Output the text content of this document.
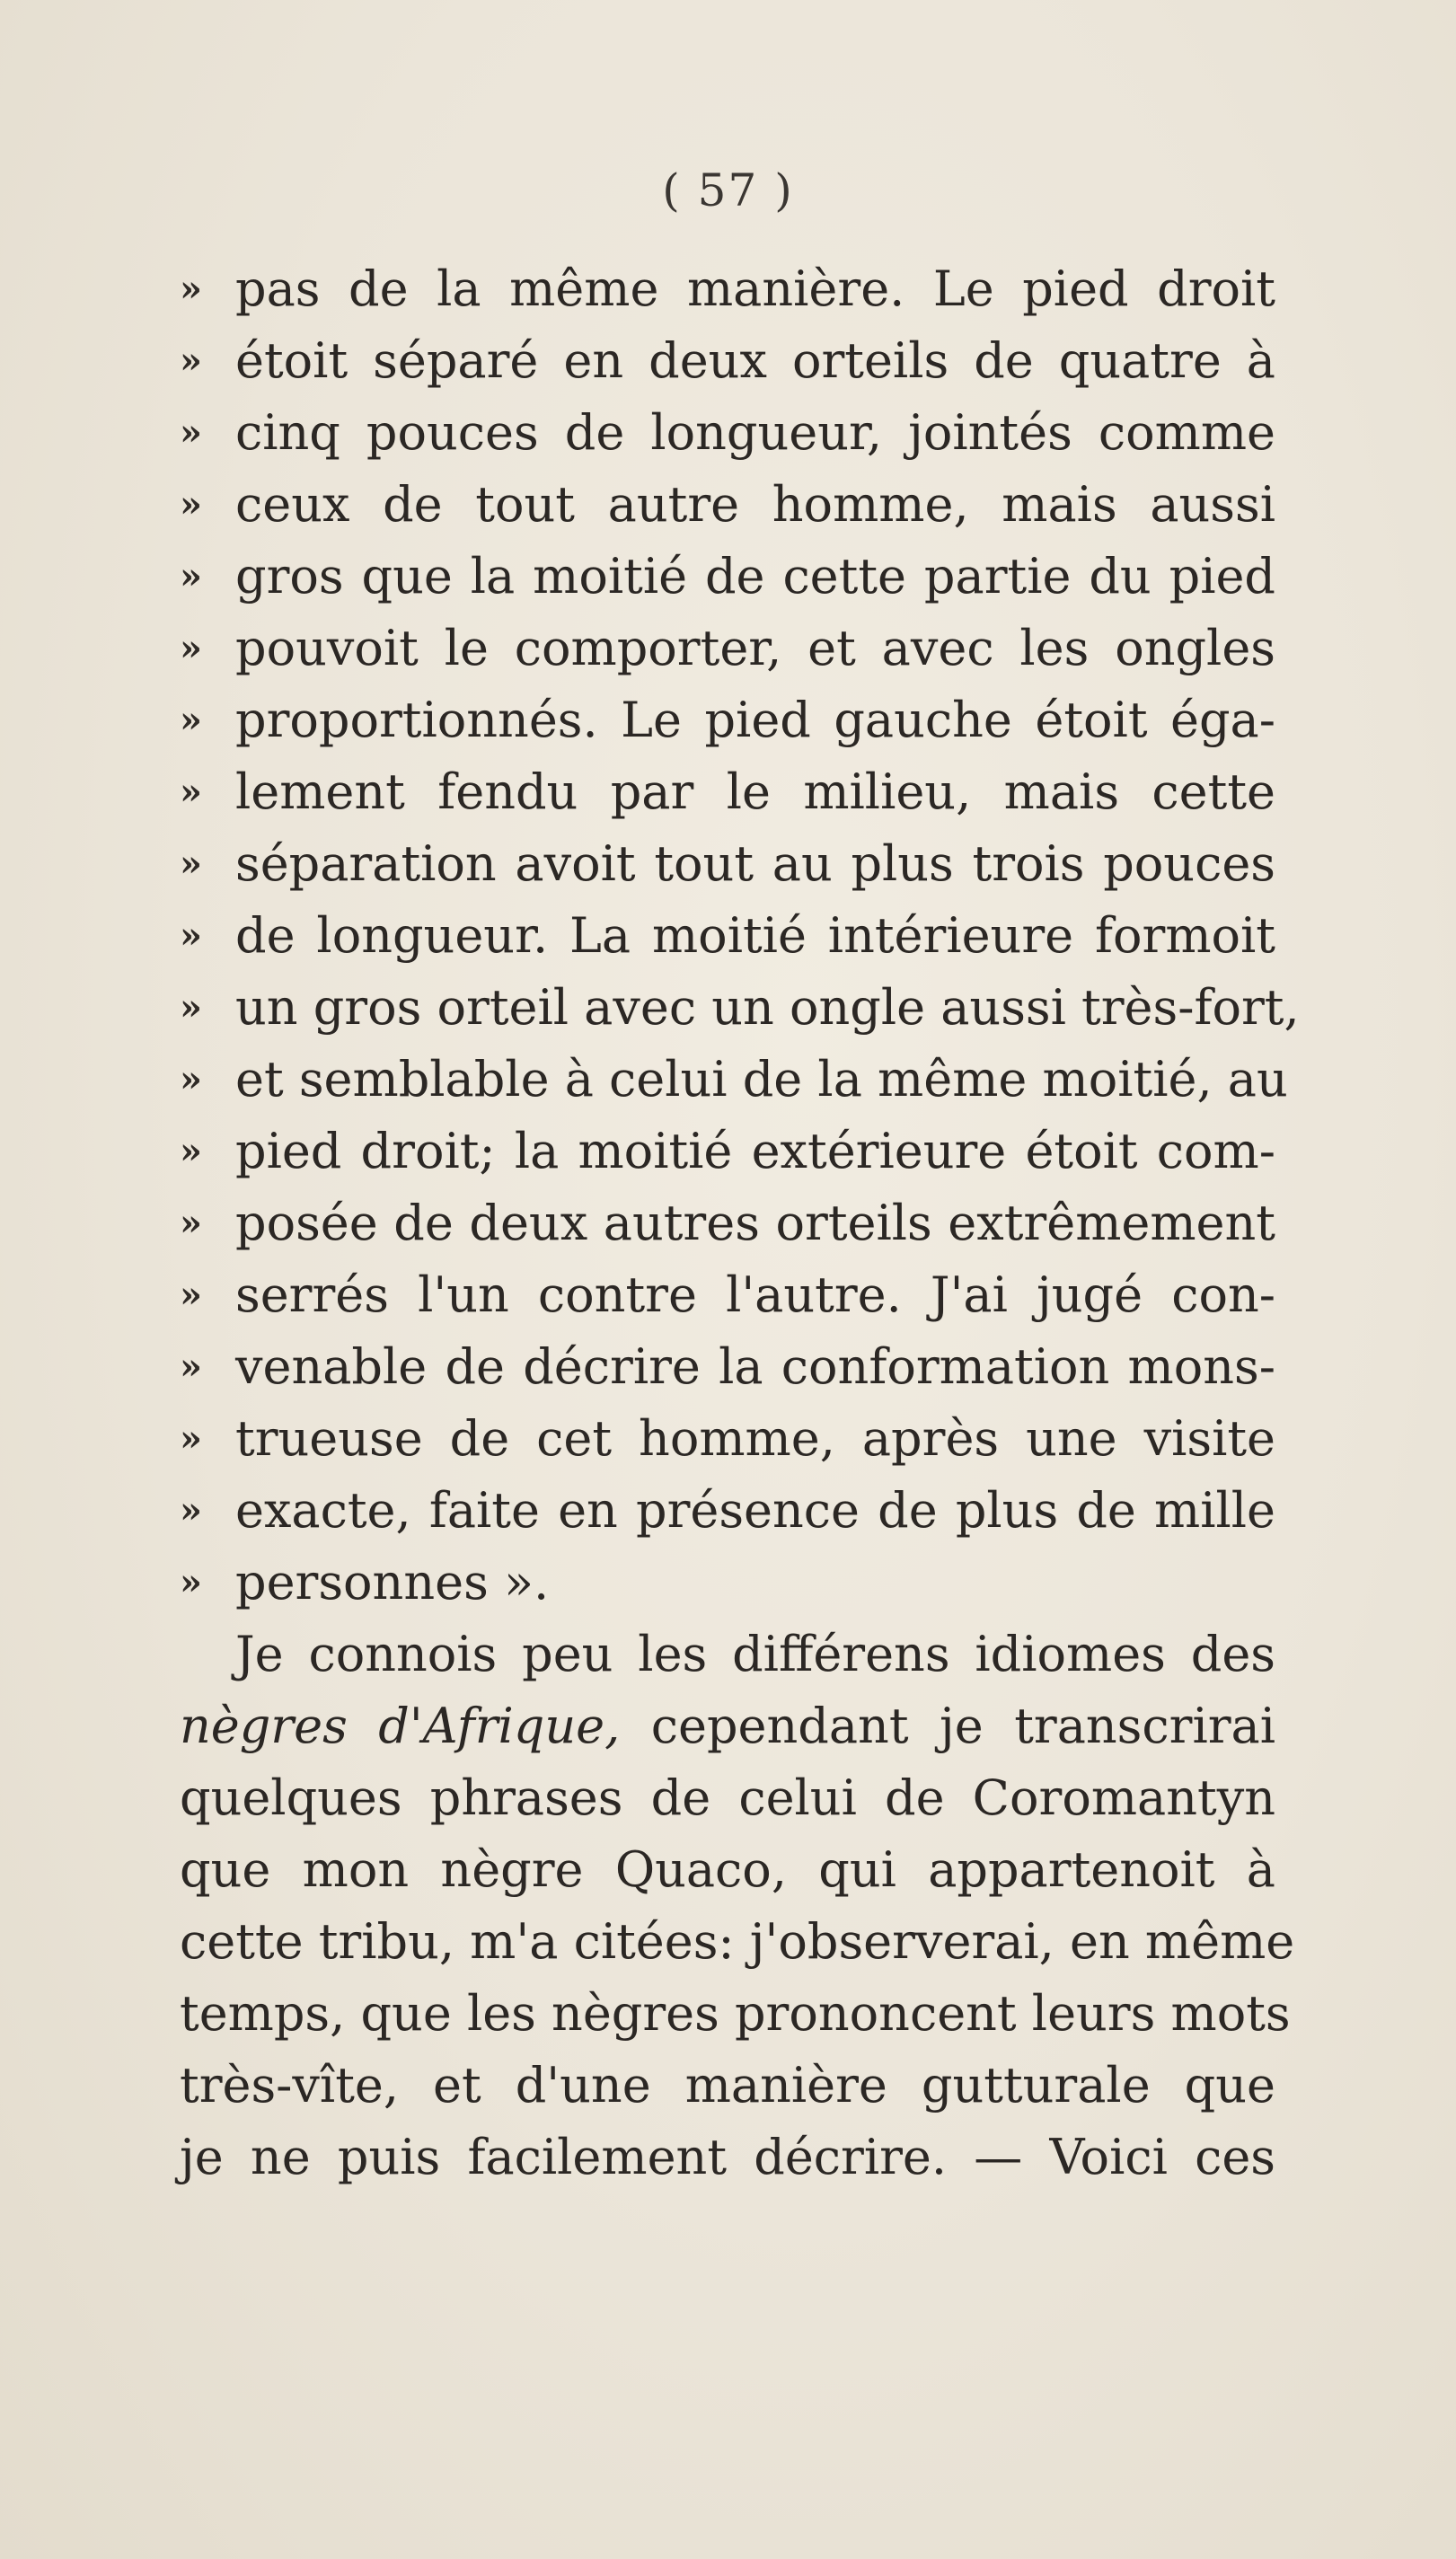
( 57 )
» pas de la même manière. Le pied droit
» étoit séparé en deux orteils de quatre à
» cinq pouces de longueur, jointés comme
» ceux de tout autre homme, mais aussi
» gros que la moitié de cette partie du pied
» pouvoit le comporter, et avec les ongles
» proportionnés. Le pied gauche étoit éga-
» lement fendu par le milieu, mais cette
» séparation avoit tout au plus trois pouces
» de longueur. La moitié intérieure formoit
» un gros orteil avec un ongle aussi très-fort,
» et semblable à celui de la même moitié, au
» pied droit; la moitié extérieure étoit com-
» posée de deux autres orteils extrêmement
» serrés l'un contre l'autre. J'ai jugé con-
» venable de décrire la conformation mons-
» trueuse de cet homme, après une visite
» exacte, faite en présence de plus de mille
» personnes ».
Je connois peu les différens idiomes des
nègres d'Afrique, cependant je transcrirai
quelques phrases de celui de Coromantyn
que mon nègre Quaco, qui appartenoit à
cette tribu, m'a citées: j'observerai, en même
temps, que les nègres prononcent leurs mots
très-vîte, et d'une manière gutturale que
je ne puis facilement décrire. — Voici ces
